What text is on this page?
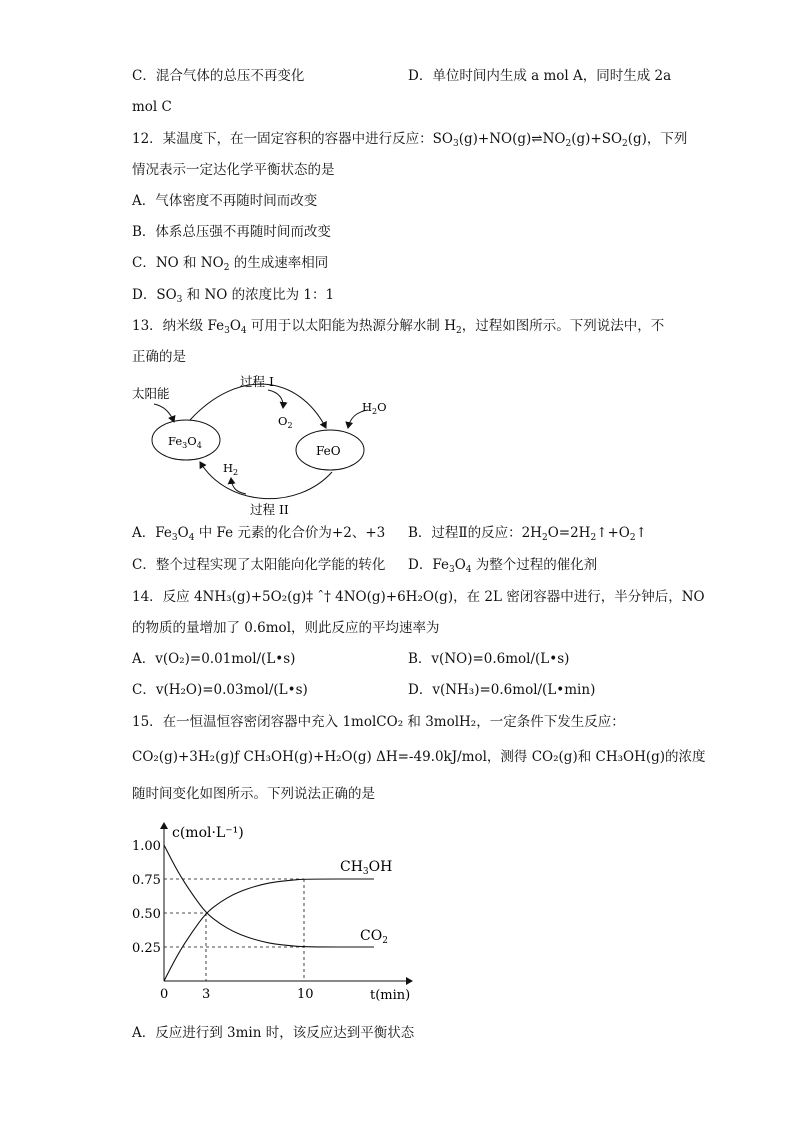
C．混合气体的总压不再变化	D．单位时间内生成 a mol A，同时生成 2a
mol C
12．某温度下，在一固定容积的容器中进行反应：$SO_3(g)+NO(g)\rightleftharpoons NO_2(g)+SO_2(g)$，下列
情况表示一定达化学平衡状态的是
A．气体密度不再随时间而改变
B．体系总压强不再随时间而改变
C．NO 和 $NO_2$ 的生成速率相同
D．$SO_3$ 和 NO 的浓度比为 1：1
13．纳米级 $Fe_3O_4$ 可用于以太阳能为热源分解水制 $H_2$，过程如图所示。下列说法中，不
正确的是
太阳能
过程 I
$O_2$
$H_2O$
$Fe_3O_4$	FeO
$H_2$
过程 II
A．$Fe_3O_4$ 中 Fe 元素的化合价为+2、+3 B．过程Ⅱ的反应：$2H_2O=2H_2↑+O_2↑$
C．整个过程实现了太阳能向化学能的转化 D．$Fe_3O_4$ 为整个过程的催化剂
14．反应 4NH₃(g)+5O₂(g)‡ ˆ† 4NO(g)+6H₂O(g)，在 2L 密闭容器中进行，半分钟后，NO
的物质的量增加了 0.6mol，则此反应的平均速率为
A．v(O₂)=0.01mol/(L•s)	B．v(NO)=0.6mol/(L•s)
C．v(H₂O)=0.03mol/(L•s)	D．v(NH₃)=0.6mol/(L•min)
15．在一恒温恒容密闭容器中充入 1molCO₂ 和 3molH₂，一定条件下发生反应：
CO₂(g)+3H₂(g)ƒ CH₃OH(g)+H₂O(g) ΔH=-49.0kJ/mol，测得 CO₂(g)和 CH₃OH(g)的浓度
随时间变化如图所示。下列说法正确的是
c(mol·L⁻¹)
t(min)
1.00
0.75
0.50
0.25
0	3	10
$CH_3OH$
$CO_2$
A．反应进行到 3min 时，该反应达到平衡状态
